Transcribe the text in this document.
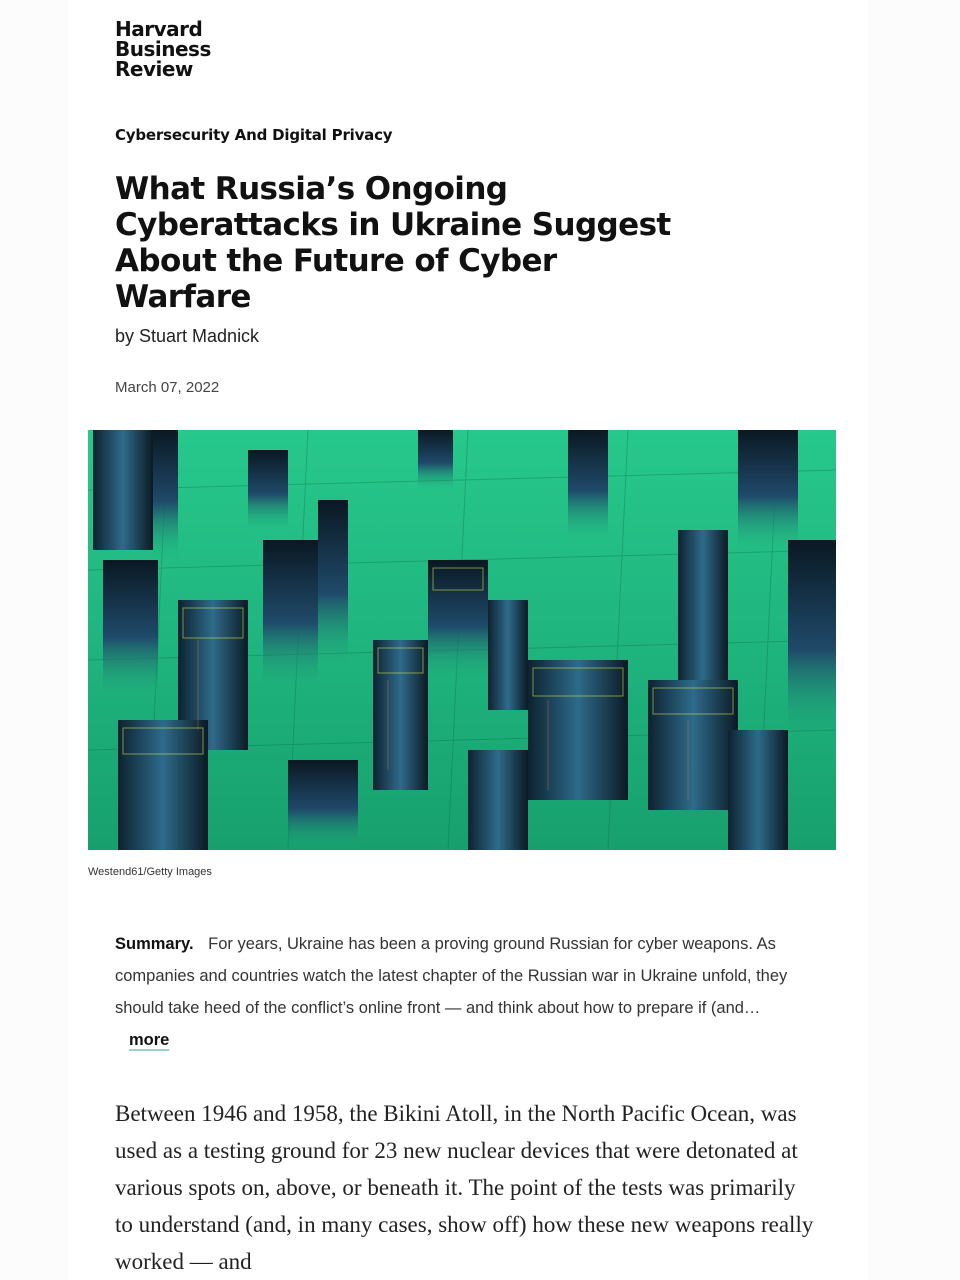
Harvard
Business
Review
Cybersecurity And Digital Privacy
What Russia’s Ongoing Cyberattacks in Ukraine Suggest About the Future of Cyber Warfare
by Stuart Madnick
March 07, 2022
Westend61/Getty Images
Summary. For years, Ukraine has been a proving ground Russian for cyber weapons. As companies and countries watch the latest chapter of the Russian war in Ukraine unfold, they should take heed of the conflict’s online front — and think about how to prepare if (and… more

Between 1946 and 1958, the Bikini Atoll, in the North Pacific Ocean, was used as a testing ground for 23 new nuclear devices that were detonated at various spots on, above, or beneath it. The point of the tests was primarily to understand (and, in many cases, show off) how these new weapons really worked — and
